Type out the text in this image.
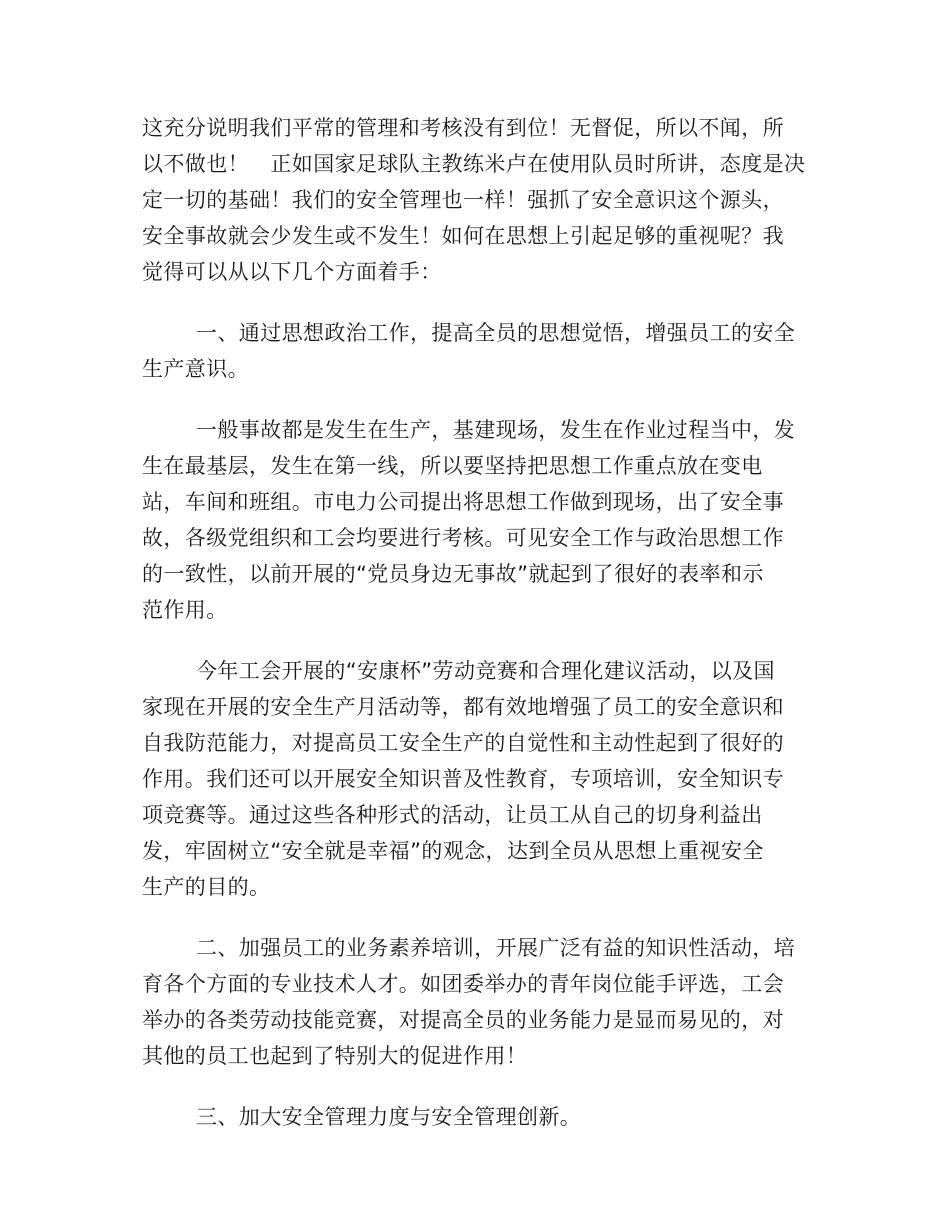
这充分说明我们平常的管理和考核没有到位！无督促，所以不闻，所
以不做也！　正如国家足球队主教练米卢在使用队员时所讲，态度是决
定一切的基础！我们的安全管理也一样！强抓了安全意识这个源头，
安全事故就会少发生或不发生！如何在思想上引起足够的重视呢？我
觉得可以从以下几个方面着手：
一、通过思想政治工作，提高全员的思想觉悟，增强员工的安全
生产意识。
一般事故都是发生在生产，基建现场，发生在作业过程当中，发
生在最基层，发生在第一线，所以要坚持把思想工作重点放在变电
站，车间和班组。市电力公司提出将思想工作做到现场，出了安全事
故，各级党组织和工会均要进行考核。可见安全工作与政治思想工作
的一致性，以前开展的“党员身边无事故”就起到了很好的表率和示
范作用。
今年工会开展的“安康杯”劳动竞赛和合理化建议活动，以及国
家现在开展的安全生产月活动等，都有效地增强了员工的安全意识和
自我防范能力，对提高员工安全生产的自觉性和主动性起到了很好的
作用。我们还可以开展安全知识普及性教育，专项培训，安全知识专
项竞赛等。通过这些各种形式的活动，让员工从自己的切身利益出
发，牢固树立“安全就是幸福”的观念，达到全员从思想上重视安全
生产的目的。
二、加强员工的业务素养培训，开展广泛有益的知识性活动，培
育各个方面的专业技术人才。如团委举办的青年岗位能手评选，工会
举办的各类劳动技能竞赛，对提高全员的业务能力是显而易见的，对
其他的员工也起到了特别大的促进作用！
三、加大安全管理力度与安全管理创新。
